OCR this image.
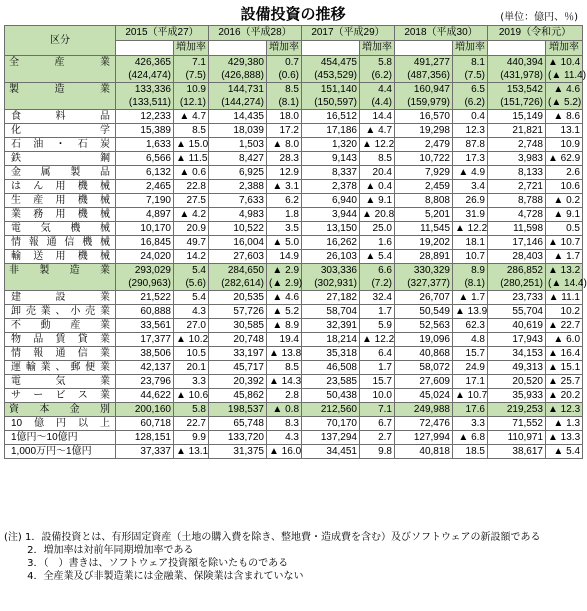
設備投資の推移	(単位：億円、％)
区分	2015（平成27）		2016（平成28）		2017（平成29）		2018（平成30）		2019（令和元）	
		増加率		増加率		増加率		増加率		増加率
全　産　業	426,365	7.1	429,380	0.7	454,475	5.8	491,277	8.1	440,394	▲ 10.4
	(424,474)	(7.5)	(426,888)	(0.6)	(453,529)	(6.2)	(487,356)	(7.5)	(431,978)	(▲ 11.4)
製　造　業	133,336	10.9	144,731	8.5	151,140	4.4	160,947	6.5	153,542	▲ 4.6
	(133,511)	(12.1)	(144,274)	(8.1)	(150,597)	(4.4)	(159,979)	(6.2)	(151,726)	(▲ 5.2)
食料品	12,233	▲ 4.7	14,435	18.0	16,512	14.4	16,570	0.4	15,149	▲ 8.6
化学	15,389	8.5	18,039	17.2	17,186	▲ 4.7	19,298	12.3	21,821	13.1
石油・石炭	1,633	▲ 15.0	1,503	▲ 8.0	1,320	▲ 12.2	2,479	87.8	2,748	10.9
鉄鋼	6,566	▲ 11.5	8,427	28.3	9,143	8.5	10,722	17.3	3,983	▲ 62.9
金属製品	6,132	▲ 0.6	6,925	12.9	8,337	20.4	7,929	▲ 4.9	8,133	2.6
はん用機械	2,465	22.8	2,388	▲ 3.1	2,378	▲ 0.4	2,459	3.4	2,721	10.6
生産用機械	7,190	27.5	7,633	6.2	6,940	▲ 9.1	8,808	26.9	8,788	▲ 0.2
業務用機械	4,897	▲ 4.2	4,983	1.8	3,944	▲ 20.8	5,201	31.9	4,728	▲ 9.1
電気機械	10,170	20.9	10,522	3.5	13,150	25.0	11,545	▲ 12.2	11,598	0.5
情報通信機械	16,845	49.7	16,004	▲ 5.0	16,262	1.6	19,202	18.1	17,146	▲ 10.7
輸送用機械	24,020	14.2	27,603	14.9	26,103	▲ 5.4	28,891	10.7	28,403	▲ 1.7
非　製　造　業	293,029	5.4	284,650	▲ 2.9	303,336	6.6	330,329	8.9	286,852	▲ 13.2
	(290,963)	(5.6)	(282,614)	(▲ 2.9)	(302,931)	(7.2)	(327,377)	(8.1)	(280,251)	(▲ 14.4)
建設業	21,522	5.4	20,535	▲ 4.6	27,182	32.4	26,707	▲ 1.7	23,733	▲ 11.1
卸売業、小売業	60,888	4.3	57,726	▲ 5.2	58,704	1.7	50,549	▲ 13.9	55,704	10.2
不動産業	33,561	27.0	30,585	▲ 8.9	32,391	5.9	52,563	62.3	40,619	▲ 22.7
物品賃貸業	17,377	▲ 10.2	20,748	19.4	18,214	▲ 12.2	19,096	4.8	17,943	▲ 6.0
情報通信業	38,506	10.5	33,197	▲ 13.8	35,318	6.4	40,868	15.7	34,153	▲ 16.4
運輸業、郵便業	42,137	20.1	45,717	8.5	46,508	1.7	58,072	24.9	49,313	▲ 15.1
電気業	23,796	3.3	20,392	▲ 14.3	23,585	15.7	27,609	17.1	20,520	▲ 25.7
サービス業	44,622	▲ 10.6	45,862	2.8	50,438	10.0	45,024	▲ 10.7	35,933	▲ 20.2
資本金別	200,160	5.8	198,537	▲ 0.8	212,560	7.1	249,988	17.6	219,253	▲ 12.3
10億円以上	60,718	22.7	65,748	8.3	70,170	6.7	72,476	3.3	71,552	▲ 1.3
1億円〜10億円	128,151	9.9	133,720	4.3	137,294	2.7	127,994	▲ 6.8	110,971	▲ 13.3
1,000万円〜1億円	37,337	▲ 13.1	31,375	▲ 16.0	34,451	9.8	40,818	18.5	38,617	▲ 5.4
(注) 1．設備投資とは、有形固定資産（土地の購入費を除き、整地費・造成費を含む）及びソフトウェアの新設額である
　　 2．増加率は対前年同期増加率である
　　 3．（　）書きは、ソフトウェア投資額を除いたものである
　　 4．全産業及び非製造業には金融業、保険業は含まれていない
